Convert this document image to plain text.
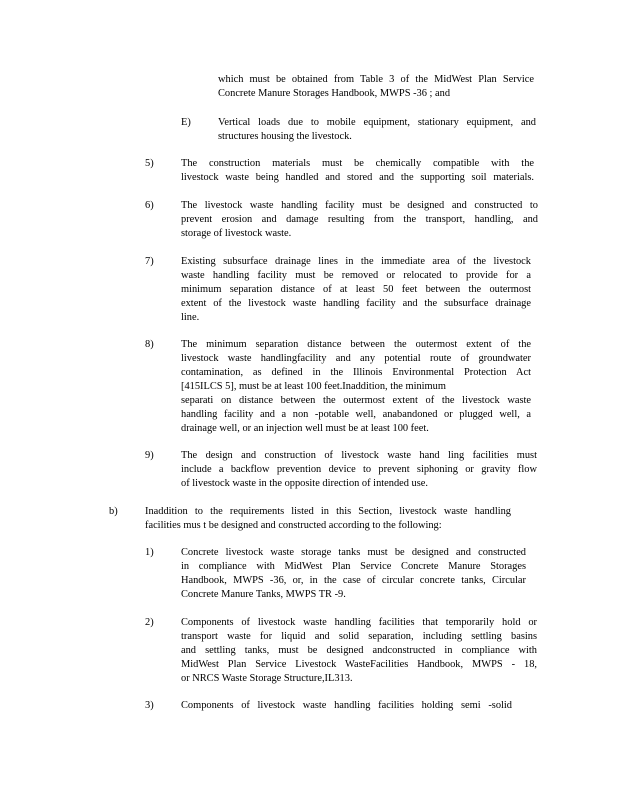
which must be obtained from Table 3 of the MidWest Plan Service
Concrete Manure Storages Handbook, MWPS -36 ; and
E)	Vertical loads due to mobile equipment, stationary equipment, and
structures housing the livestock.
5)	The construction materials must be chemically compatible with the
livestock waste being handled and stored and the supporting soil materials.
6)	The livestock waste handling facility must be designed and constructed to
prevent erosion and damage resulting from the transport, handling, and
storage of livestock waste.
7)	Existing subsurface drainage lines in the immediate area of the livestock
waste handling facility must be removed or relocated to provide for a
minimum separation distance of at least 50 feet between the outermost
extent of the livestock waste handling facility and the subsurface drainage
line.
8)	The minimum separation distance between the outermost extent of the
livestock waste handlingfacility and any potential route of groundwater
contamination, as defined in the Illinois Environmental Protection Act
[415ILCS 5], must be at least 100 feet.Inaddition, the minimum
separati on distance between the outermost extent of the livestock waste
handling facility and a non -potable well, anabandoned or plugged well, a
drainage well, or an injection well must be at least 100 feet.
9)	The design and construction of livestock waste hand ling facilities must
include a backflow prevention device to prevent siphoning or gravity flow
of livestock waste in the opposite direction of intended use.
b)	Inaddition to the requirements listed in this Section, livestock waste handling
facilities mus t be designed and constructed according to the following:
1)	Concrete livestock waste storage tanks must be designed and constructed
in compliance with MidWest Plan Service Concrete Manure Storages
Handbook, MWPS -36, or, in the case of circular concrete tanks, Circular
Concrete Manure Tanks, MWPS TR -9.
2)	Components of livestock waste handling facilities that temporarily hold or
transport waste for liquid and solid separation, including settling basins
and settling tanks, must be designed andconstructed in compliance with
MidWest Plan Service Livestock WasteFacilities Handbook, MWPS - 18,
or NRCS Waste Storage Structure,IL313.
3)	Components of livestock waste handling facilities holding semi -solid
